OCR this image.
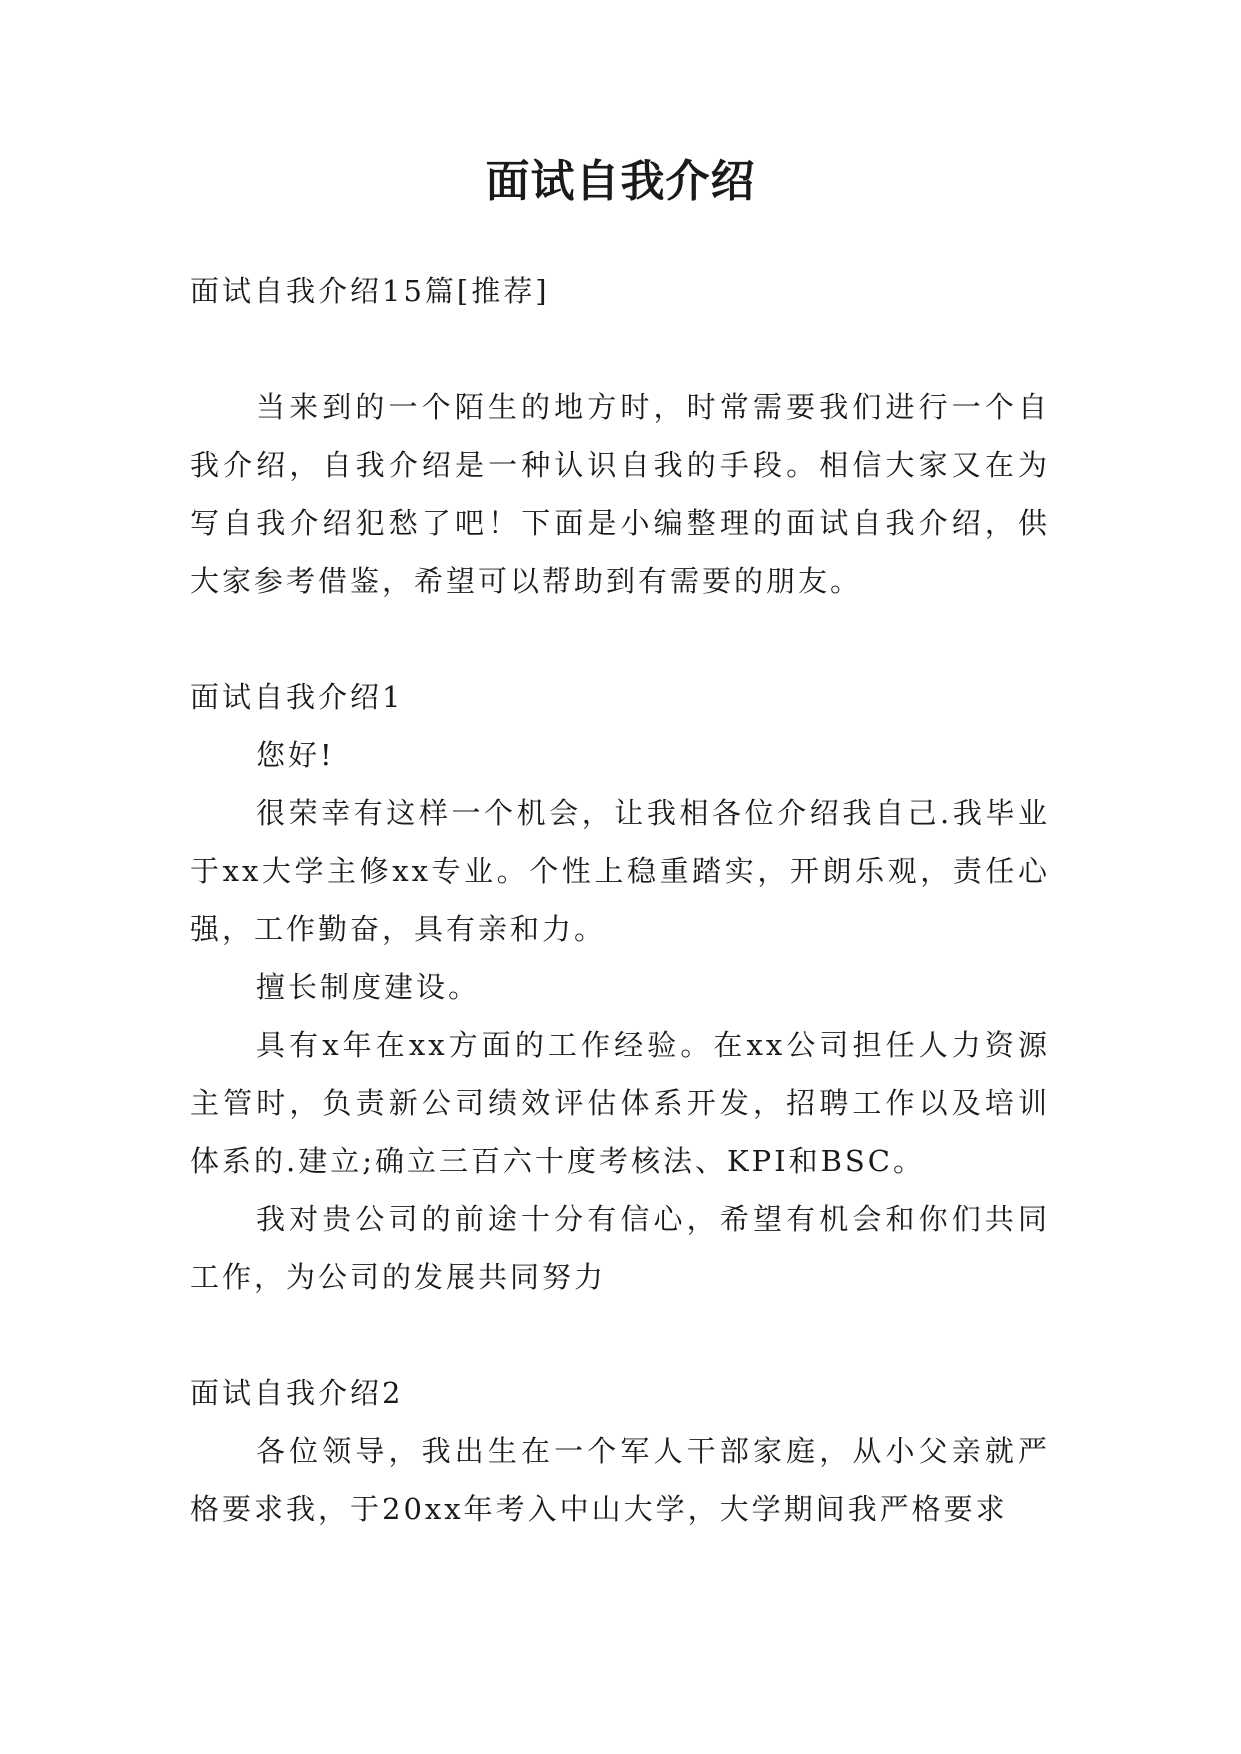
面试自我介绍

面试自我介绍15篇[推荐]

当来到的一个陌生的地方时，时常需要我们进行一个自我介绍，自我介绍是一种认识自我的手段。相信大家又在为写自我介绍犯愁了吧！下面是小编整理的面试自我介绍，供大家参考借鉴，希望可以帮助到有需要的朋友。

面试自我介绍1

您好!

很荣幸有这样一个机会，让我相各位介绍我自己.我毕业于xx大学主修xx专业。个性上稳重踏实，开朗乐观，责任心强，工作勤奋，具有亲和力。

擅长制度建设。

具有x年在xx方面的工作经验。在xx公司担任人力资源主管时，负责新公司绩效评估体系开发，招聘工作以及培训体系的.建立;确立三百六十度考核法、KPI和BSC。

我对贵公司的前途十分有信心，希望有机会和你们共同工作，为公司的发展共同努力

面试自我介绍2

各位领导，我出生在一个军人干部家庭，从小父亲就严格要求我，于20xx年考入中山大学，大学期间我严格要求
